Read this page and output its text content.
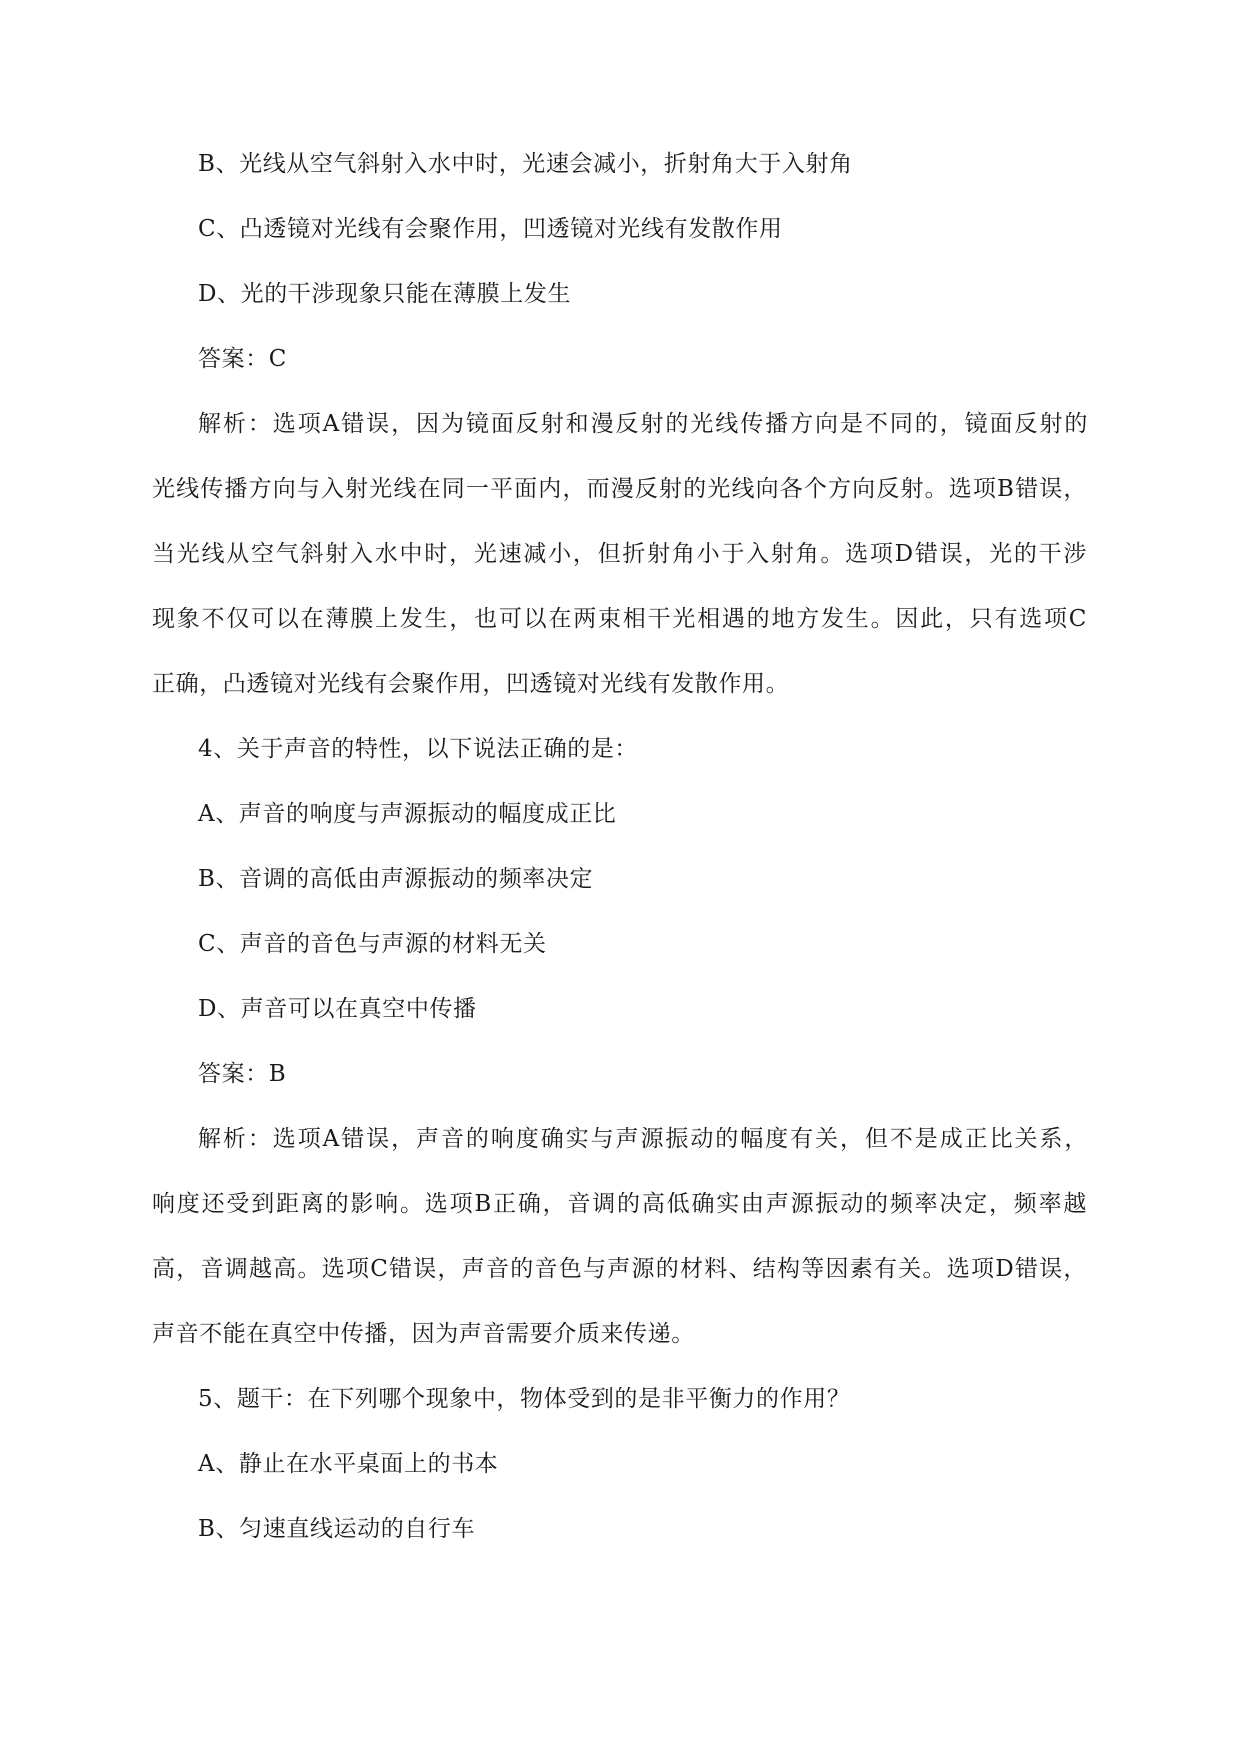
B、光线从空气斜射入水中时，光速会减小，折射角大于入射角
C、凸透镜对光线有会聚作用，凹透镜对光线有发散作用
D、光的干涉现象只能在薄膜上发生
答案：C
解析：选项A错误，因为镜面反射和漫反射的光线传播方向是不同的，镜面反射的
光线传播方向与入射光线在同一平面内，而漫反射的光线向各个方向反射。选项B错误，
当光线从空气斜射入水中时，光速减小，但折射角小于入射角。选项D错误，光的干涉
现象不仅可以在薄膜上发生，也可以在两束相干光相遇的地方发生。因此，只有选项C
正确，凸透镜对光线有会聚作用，凹透镜对光线有发散作用。
4、关于声音的特性，以下说法正确的是：
A、声音的响度与声源振动的幅度成正比
B、音调的高低由声源振动的频率决定
C、声音的音色与声源的材料无关
D、声音可以在真空中传播
答案：B
解析：选项A错误，声音的响度确实与声源振动的幅度有关，但不是成正比关系，
响度还受到距离的影响。选项B正确，音调的高低确实由声源振动的频率决定，频率越
高，音调越高。选项C错误，声音的音色与声源的材料、结构等因素有关。选项D错误，
声音不能在真空中传播，因为声音需要介质来传递。
5、题干：在下列哪个现象中，物体受到的是非平衡力的作用？
A、静止在水平桌面上的书本
B、匀速直线运动的自行车
